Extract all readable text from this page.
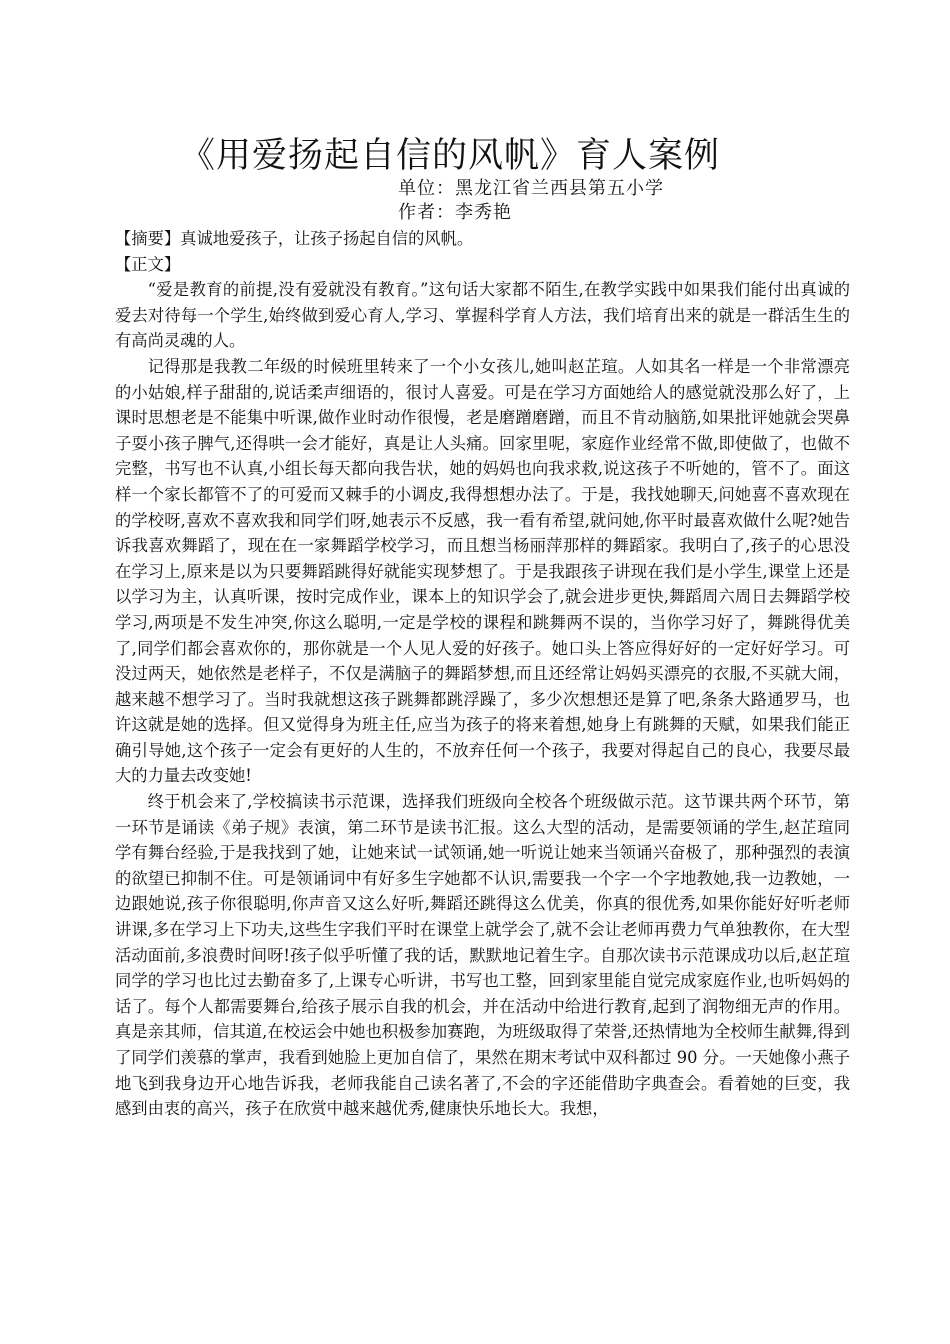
《用爱扬起自信的风帆》育人案例
单位：黑龙江省兰西县第五小学
作者：李秀艳

【摘要】真诚地爱孩子，让孩子扬起自信的风帆。

【正文】

“爱是教育的前提,没有爱就没有教育。”这句话大家都不陌生,在教学实践中如果我们能付出真诚的爱去对待每一个学生,始终做到爱心育人,学习、掌握科学育人方法，我们培育出来的就是一群活生生的有高尚灵魂的人。

记得那是我教二年级的时候班里转来了一个小女孩儿,她叫赵芷瑄。人如其名一样是一个非常漂亮的小姑娘,样子甜甜的,说话柔声细语的，很讨人喜爱。可是在学习方面她给人的感觉就没那么好了，上课时思想老是不能集中听课,做作业时动作很慢，老是磨蹭磨蹭，而且不肯动脑筋,如果批评她就会哭鼻子耍小孩子脾气,还得哄一会才能好，真是让人头痛。回家里呢，家庭作业经常不做,即使做了，也做不完整，书写也不认真,小组长每天都向我告状，她的妈妈也向我求救,说这孩子不听她的，管不了。面这样一个家长都管不了的可爱而又棘手的小调皮,我得想想办法了。于是，我找她聊天,问她喜不喜欢现在的学校呀,喜欢不喜欢我和同学们呀,她表示不反感，我一看有希望,就问她,你平时最喜欢做什么呢?她告诉我喜欢舞蹈了，现在在一家舞蹈学校学习，而且想当杨丽萍那样的舞蹈家。我明白了,孩子的心思没在学习上,原来是以为只要舞蹈跳得好就能实现梦想了。于是我跟孩子讲现在我们是小学生,课堂上还是以学习为主，认真听课，按时完成作业，课本上的知识学会了,就会进步更快,舞蹈周六周日去舞蹈学校学习,两项是不发生冲突,你这么聪明,一定是学校的课程和跳舞两不误的，当你学习好了，舞跳得优美了,同学们都会喜欢你的，那你就是一个人见人爱的好孩子。她口头上答应得好好的一定好好学习。可没过两天，她依然是老样子，不仅是满脑子的舞蹈梦想,而且还经常让妈妈买漂亮的衣服,不买就大闹，越来越不想学习了。当时我就想这孩子跳舞都跳浮躁了，多少次想想还是算了吧,条条大路通罗马，也许这就是她的选择。但又觉得身为班主任,应当为孩子的将来着想,她身上有跳舞的天赋，如果我们能正确引导她,这个孩子一定会有更好的人生的，不放弃任何一个孩子，我要对得起自己的良心，我要尽最大的力量去改变她!

终于机会来了,学校搞读书示范课，选择我们班级向全校各个班级做示范。这节课共两个环节，第一环节是诵读《弟子规》表演，第二环节是读书汇报。这么大型的活动，是需要领诵的学生,赵芷瑄同学有舞台经验,于是我找到了她，让她来试一试领诵,她一听说让她来当领诵兴奋极了，那种强烈的表演的欲望已抑制不住。可是领诵词中有好多生字她都不认识,需要我一个字一个字地教她,我一边教她，一边跟她说,孩子你很聪明,你声音又这么好听,舞蹈还跳得这么优美，你真的很优秀,如果你能好好听老师讲课,多在学习上下功夫,这些生字我们平时在课堂上就学会了,就不会让老师再费力气单独教你，在大型活动面前,多浪费时间呀!孩子似乎听懂了我的话，默默地记着生字。自那次读书示范课成功以后,赵芷瑄同学的学习也比过去勤奋多了,上课专心听讲，书写也工整，回到家里能自觉完成家庭作业,也听妈妈的话了。每个人都需要舞台,给孩子展示自我的机会，并在活动中给进行教育,起到了润物细无声的作用。真是亲其师，信其道,在校运会中她也积极参加赛跑，为班级取得了荣誉,还热情地为全校师生献舞,得到了同学们羡慕的掌声，我看到她脸上更加自信了，果然在期末考试中双科都过 90 分。一天她像小燕子地飞到我身边开心地告诉我，老师我能自己读名著了,不会的字还能借助字典查会。看着她的巨变，我感到由衷的高兴，孩子在欣赏中越来越优秀,健康快乐地长大。我想，
